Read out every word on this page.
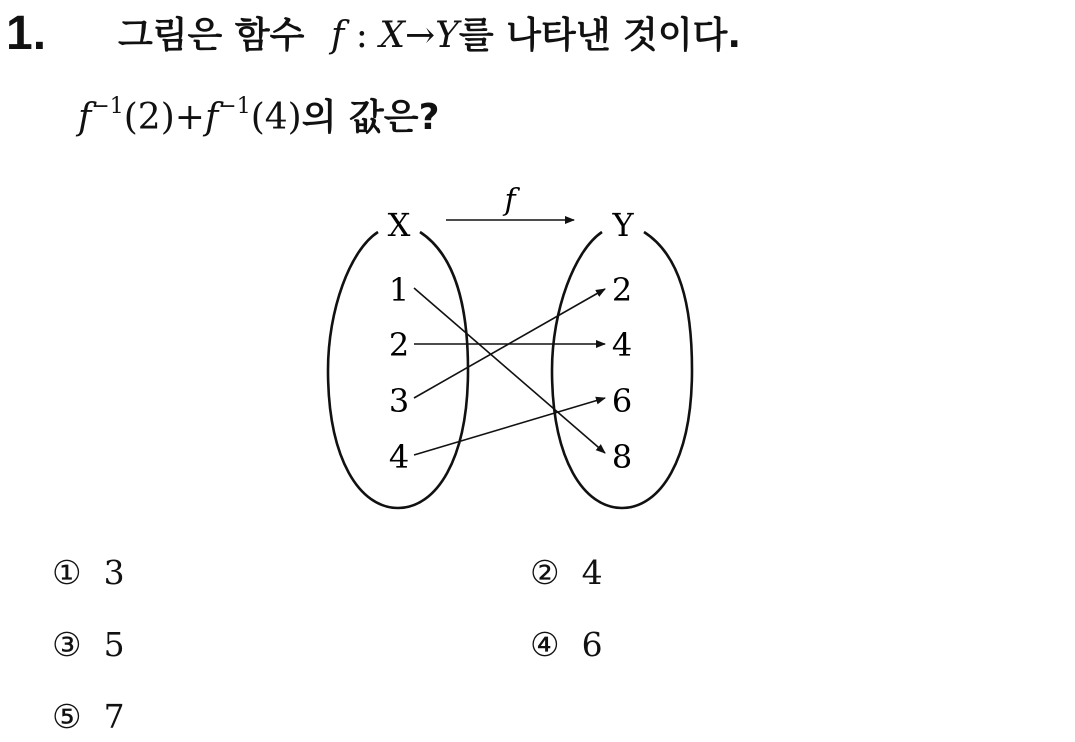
1. 그림은 함수 f : X→Y를 나타낸 것이다.
$f^{-1}(2)+f^{-1}(4)$의 값은?
X	Y
f
1
2
3
4
2
4
6
8
① 3	② 4
③ 5	④ 6
⑤ 7
